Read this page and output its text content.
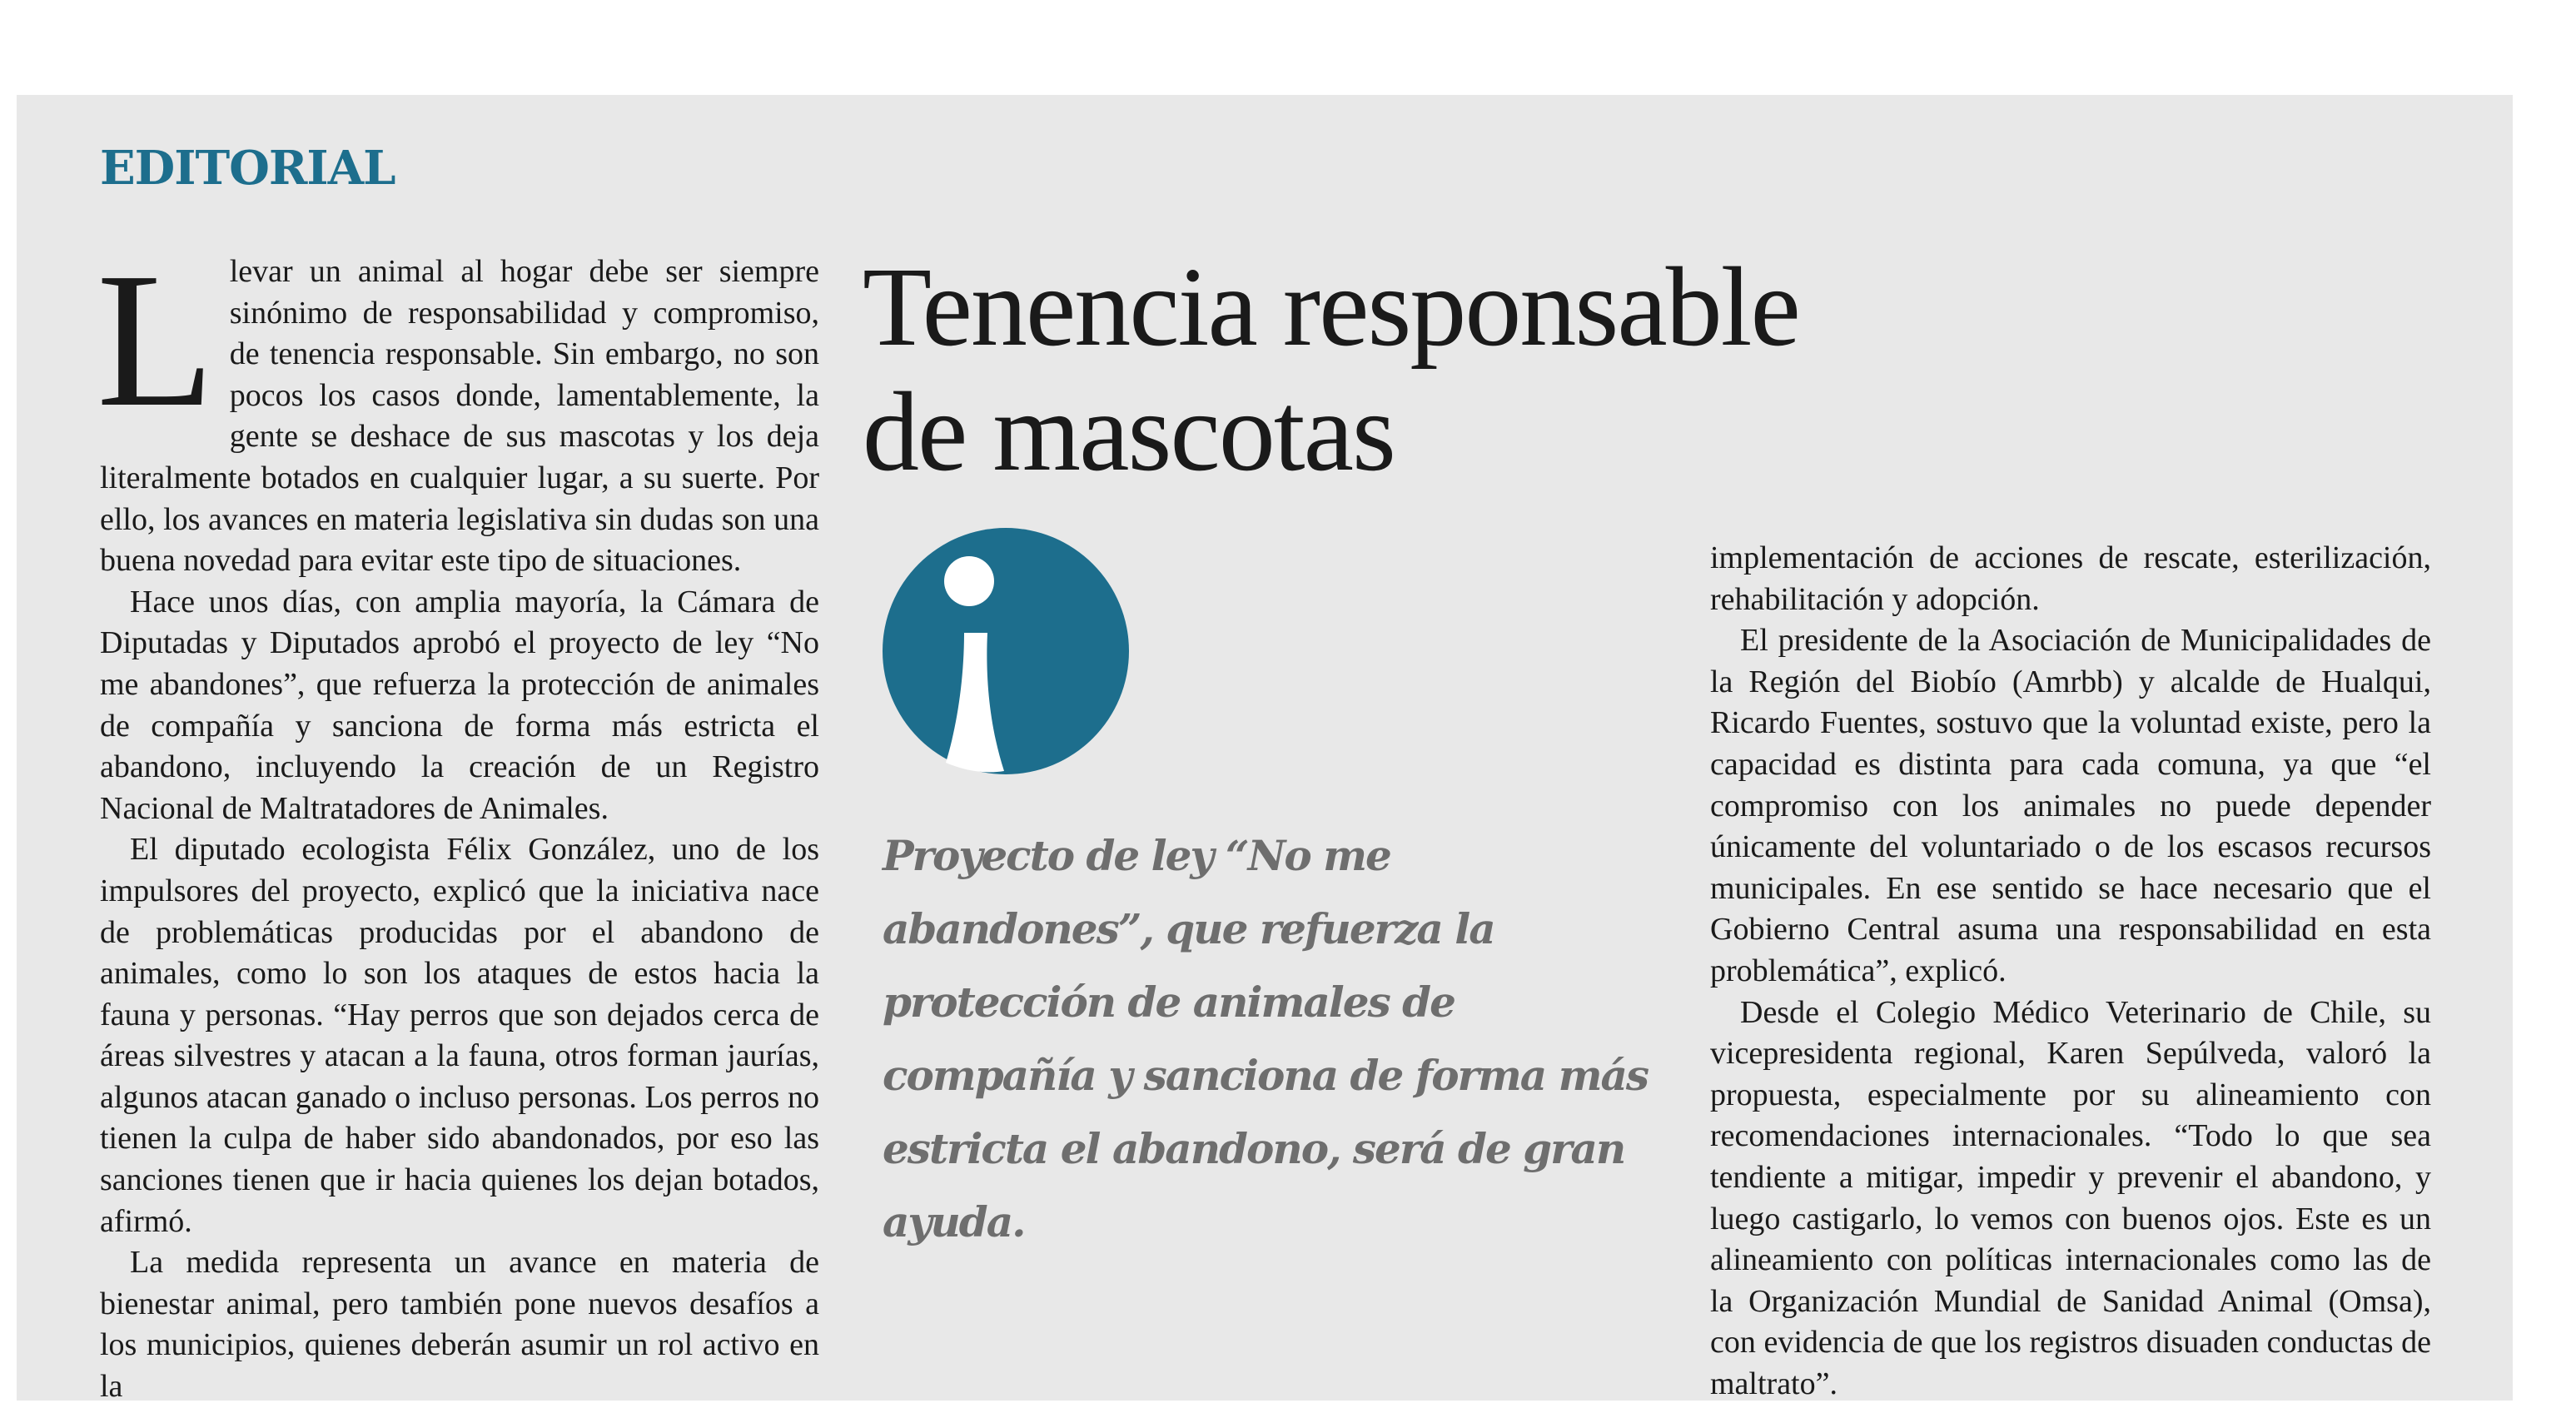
EDITORIAL

Llevar un animal al hogar debe ser siempre sinónimo de responsabilidad y compromiso, de tenencia responsable. Sin embargo, no son pocos los casos donde, lamentablemente, la gente se deshace de sus mascotas y los deja literalmente botados en cualquier lugar, a su suerte. Por ello, los avances en materia legislativa sin dudas son una buena novedad para evitar este tipo de situaciones.

Hace unos días, con amplia mayoría, la Cámara de Diputadas y Diputados aprobó el proyecto de ley “No me abandones”, que refuerza la protección de animales de compañía y sanciona de forma más estricta el abandono, incluyendo la creación de un Registro Nacional de Maltratadores de Animales.

El diputado ecologista Félix González, uno de los impulsores del proyecto, explicó que la iniciativa nace de problemáticas producidas por el abandono de animales, como lo son los ataques de estos hacia la fauna y personas. “Hay perros que son dejados cerca de áreas silvestres y atacan a la fauna, otros forman jaurías, algunos atacan ganado o incluso personas. Los perros no tienen la culpa de haber sido abandonados, por eso las sanciones tienen que ir hacia quienes los dejan botados, afirmó.

La medida representa un avance en materia de bienestar animal, pero también pone nuevos desafíos a los municipios, quienes deberán asumir un rol activo en la

Tenencia responsable
de mascotas

Proyecto de ley “No me abandones”, que refuerza la protección de animales de compañía y sanciona de forma más estricta el abandono, será de gran ayuda.

implementación de acciones de rescate, esterilización, rehabilitación y adopción.

El presidente de la Asociación de Municipalidades de la Región del Biobío (Amrbb) y alcalde de Hualqui, Ricardo Fuentes, sostuvo que la voluntad existe, pero la capacidad es distinta para cada comuna, ya que “el compromiso con los animales no puede depender únicamente del voluntariado o de los escasos recursos municipales. En ese sentido se hace necesario que el Gobierno Central asuma una responsabilidad en esta problemática”, explicó.

Desde el Colegio Médico Veterinario de Chile, su vicepresidenta regional, Karen Sepúlveda, valoró la propuesta, especialmente por su alineamiento con recomendaciones internacionales. “Todo lo que sea tendiente a mitigar, impedir y prevenir el abandono, y luego castigarlo, lo vemos con buenos ojos. Este es un alineamiento con políticas internacionales como las de la Organización Mundial de Sanidad Animal (Omsa), con evidencia de que los registros disuaden conductas de maltrato”.
